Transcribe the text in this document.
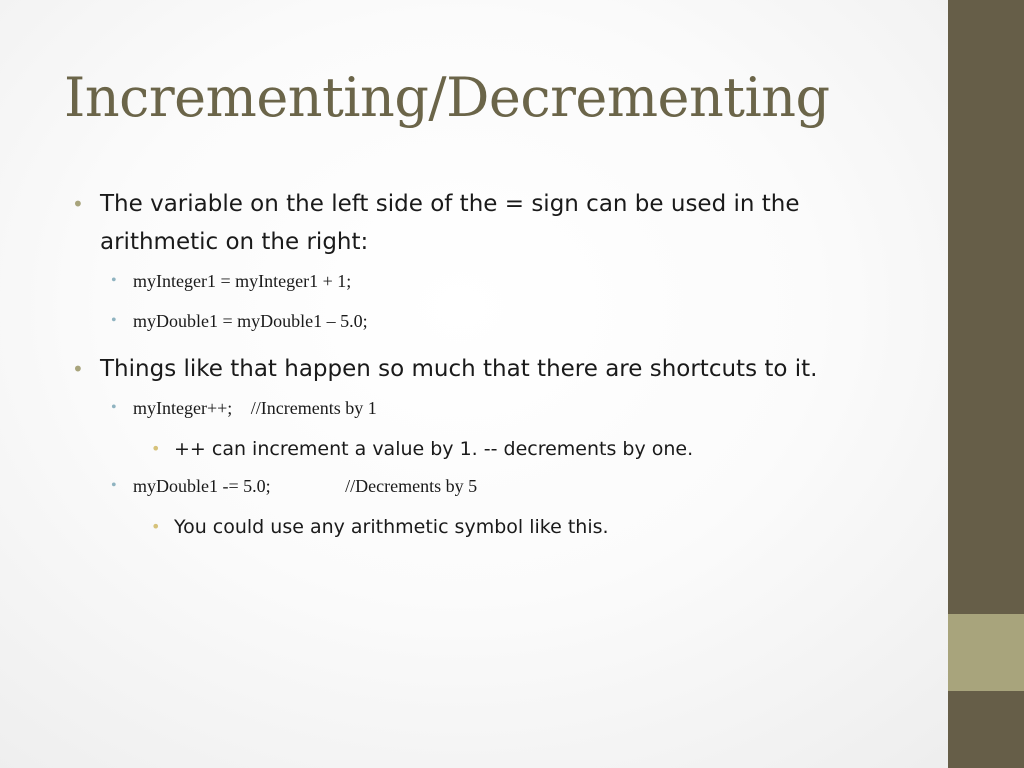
Incrementing/Decrementing
• The variable on the left side of the = sign can be used in the arithmetic on the right:
• myInteger1 = myInteger1 + 1;
• myDouble1 = myDouble1 – 5.0;
• Things like that happen so much that there are shortcuts to it.
• myInteger++; //Increments by 1
• ++ can increment a value by 1. -- decrements by one.
• myDouble1 -= 5.0;	//Decrements by 5
• You could use any arithmetic symbol like this.
